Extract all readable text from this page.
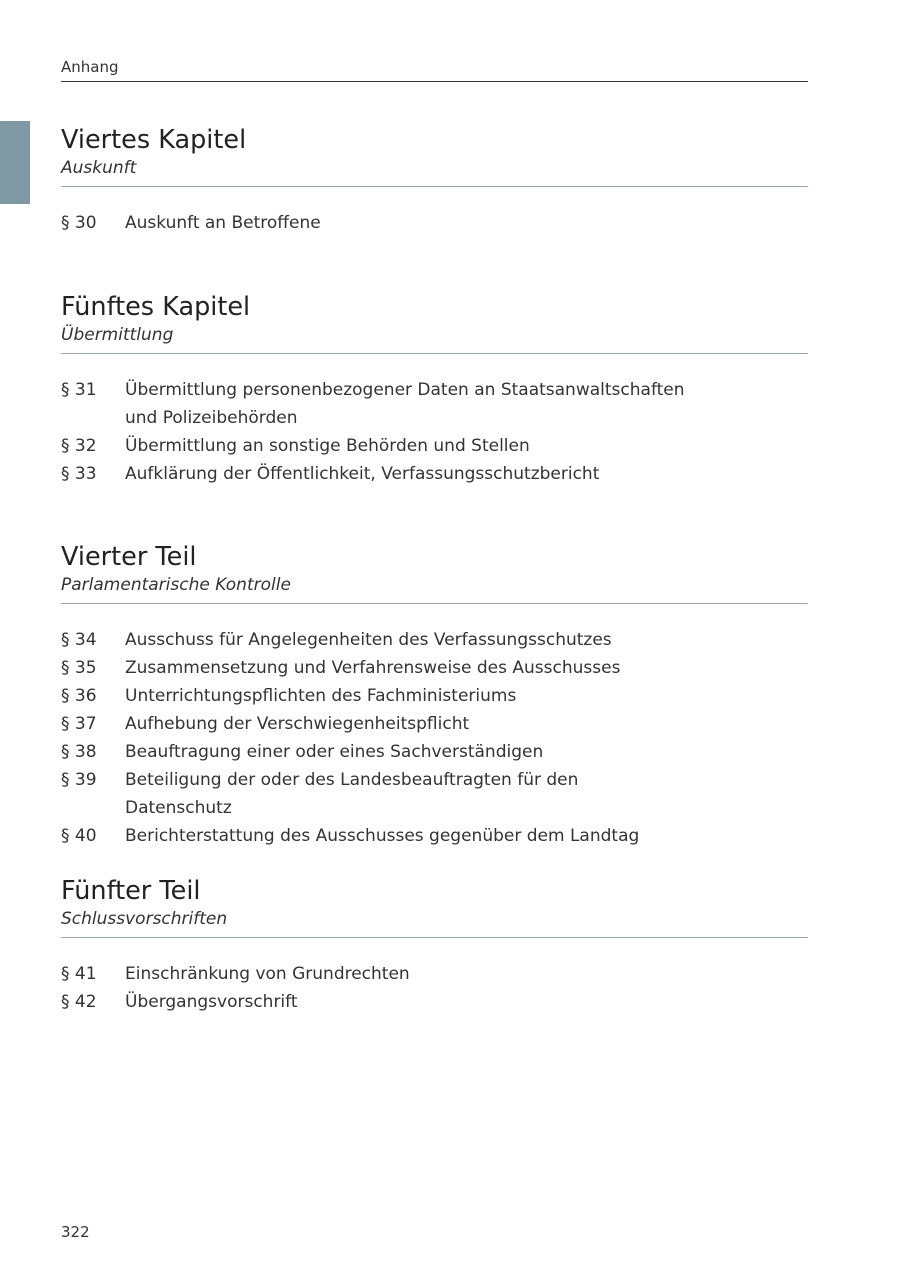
Anhang
Viertes Kapitel
Auskunft
§ 30	Auskunft an Betroffene
Fünftes Kapitel
Übermittlung
§ 31	Übermittlung personenbezogener Daten an Staatsanwaltschaften und Polizeibehörden
§ 32	Übermittlung an sonstige Behörden und Stellen
§ 33	Aufklärung der Öffentlichkeit, Verfassungsschutzbericht
Vierter Teil
Parlamentarische Kontrolle
§ 34	Ausschuss für Angelegenheiten des Verfassungsschutzes
§ 35	Zusammensetzung und Verfahrensweise des Ausschusses
§ 36	Unterrichtungspflichten des Fachministeriums
§ 37	Aufhebung der Verschwiegenheitspflicht
§ 38	Beauftragung einer oder eines Sachverständigen
§ 39	Beteiligung der oder des Landesbeauftragten für den Datenschutz
§ 40	Berichterstattung des Ausschusses gegenüber dem Landtag
Fünfter Teil
Schlussvorschriften
§ 41	Einschränkung von Grundrechten
§ 42	Übergangsvorschrift
322
